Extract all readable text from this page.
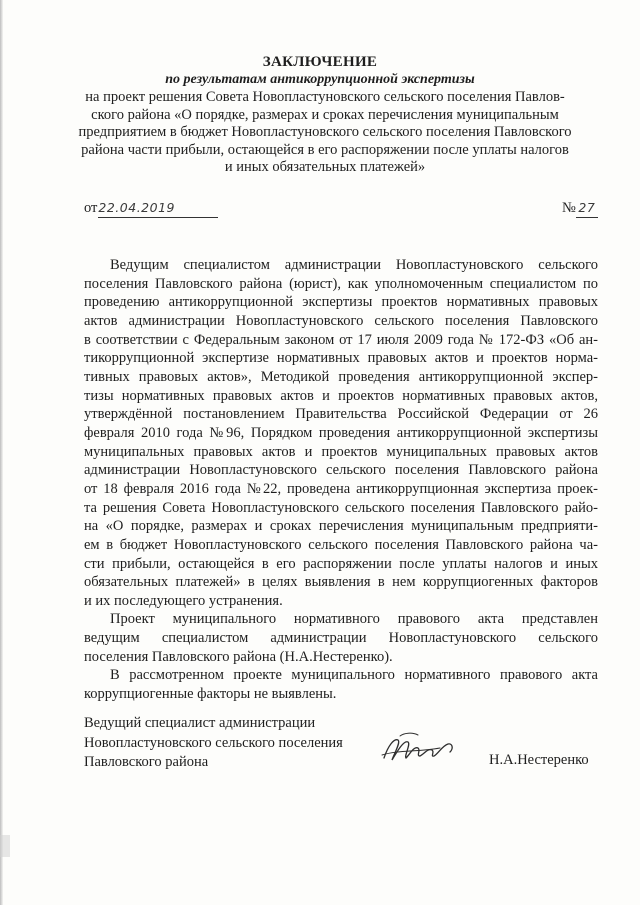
ЗАКЛЮЧЕНИЕ
по результатам антикоррупционной экспертизы
на проект решения Совета Новопластуновского сельского поселения Павлов-
ского района «О порядке, размерах и сроках перечисления муниципальным
предприятием в бюджет Новопластуновского сельского поселения Павловского
района части прибыли, остающейся в его распоряжении после уплаты налогов
и иных обязательных платежей»
от22.04.2019	№ 27
Ведущим специалистом администрации Новопластуновского сельского
поселения Павловского района (юрист), как уполномоченным специалистом по
проведению антикоррупционной экспертизы проектов нормативных правовых
актов администрации Новопластуновского сельского поселения Павловского
в соответствии с Федеральным законом от 17 июля 2009 года № 172-ФЗ «Об ан-
тикоррупционной экспертизе нормативных правовых актов и проектов норма-
тивных правовых актов», Методикой проведения антикоррупционной экспер-
тизы нормативных правовых актов и проектов нормативных правовых актов,
утверждённой постановлением Правительства Российской Федерации от 26
февраля 2010 года №96, Порядком проведения антикоррупционной экспертизы
муниципальных правовых актов и проектов муниципальных правовых актов
администрации Новопластуновского сельского поселения Павловского района
от 18 февраля 2016 года №22, проведена антикоррупционная экспертиза проек-
та решения Совета Новопластуновского сельского поселения Павловского райо-
на «О порядке, размерах и сроках перечисления муниципальным предприяти-
ем в бюджет Новопластуновского сельского поселения Павловского района ча-
сти прибыли, остающейся в его распоряжении после уплаты налогов и иных
обязательных платежей» в целях выявления в нем коррупциогенных факторов
и их последующего устранения.
Проект муниципального нормативного правового акта представлен
ведущим специалистом администрации Новопластуновского сельского
поселения Павловского района (Н.А.Нестеренко).
В рассмотренном проекте муниципального нормативного правового акта
коррупциогенные факторы не выявлены.
Ведущий специалист администрации
Новопластуновского сельского поселения
Павловского района	Н.А.Нестеренко
